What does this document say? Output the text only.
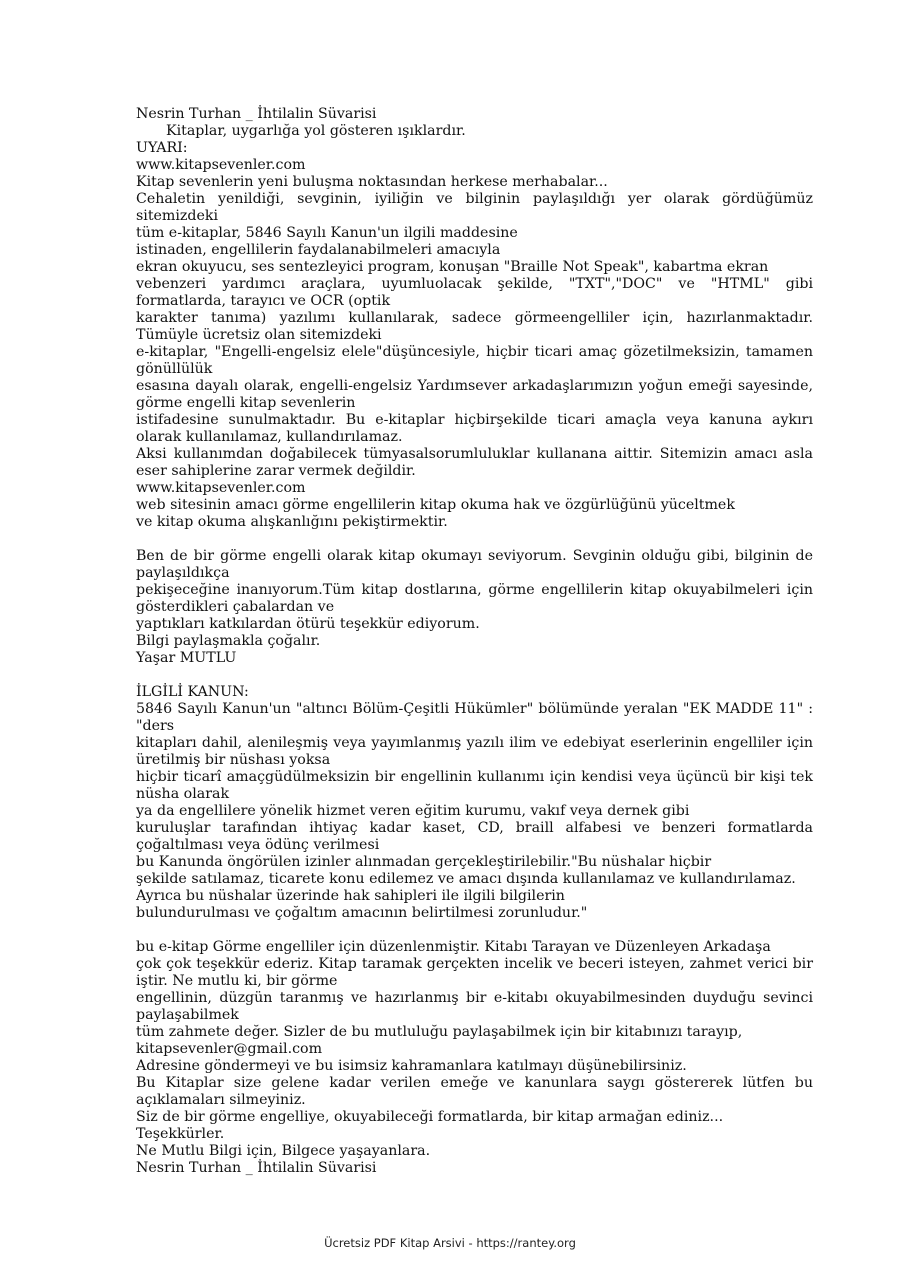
Nesrin Turhan _ İhtilalin Süvarisi

Kitaplar, uygarlığa yol gösteren ışıklardır.

UYARI:

www.kitapsevenler.com

Kitap sevenlerin yeni buluşma noktasından herkese merhabalar...

Cehaletin yenildiği, sevginin, iyiliğin ve bilginin paylaşıldığı yer olarak gördüğümüz sitemizdeki

tüm e-kitaplar, 5846 Sayılı Kanun'un ilgili maddesine

istinaden, engellilerin faydalanabilmeleri amacıyla

ekran okuyucu, ses sentezleyici program, konuşan "Braille Not Speak", kabartma ekran

vebenzeri yardımcı araçlara, uyumluolacak şekilde, "TXT","DOC" ve "HTML" gibi formatlarda, tarayıcı ve OCR (optik

karakter tanıma) yazılımı kullanılarak, sadece görmeengelliler için, hazırlanmaktadır. Tümüyle ücretsiz olan sitemizdeki

e-kitaplar, "Engelli-engelsiz elele"düşüncesiyle, hiçbir ticari amaç gözetilmeksizin, tamamen gönüllülük

esasına dayalı olarak, engelli-engelsiz Yardımsever arkadaşlarımızın yoğun emeği sayesinde, görme engelli kitap sevenlerin

istifadesine sunulmaktadır. Bu e-kitaplar hiçbirşekilde ticari amaçla veya kanuna aykırı olarak kullanılamaz, kullandırılamaz.

Aksi kullanımdan doğabilecek tümyasalsorumluluklar kullanana aittir. Sitemizin amacı asla eser sahiplerine zarar vermek değildir.

www.kitapsevenler.com

web sitesinin amacı görme engellilerin kitap okuma hak ve özgürlüğünü yüceltmek

ve kitap okuma alışkanlığını pekiştirmektir.

Ben de bir görme engelli olarak kitap okumayı seviyorum. Sevginin olduğu gibi, bilginin de paylaşıldıkça

pekişeceğine inanıyorum.Tüm kitap dostlarına, görme engellilerin kitap okuyabilmeleri için gösterdikleri çabalardan ve

yaptıkları katkılardan ötürü teşekkür ediyorum.

Bilgi paylaşmakla çoğalır.

Yaşar MUTLU

İLGİLİ KANUN:

5846 Sayılı Kanun'un "altıncı Bölüm-Çeşitli Hükümler" bölümünde yeralan "EK MADDE 11" : "ders

kitapları dahil, alenileşmiş veya yayımlanmış yazılı ilim ve edebiyat eserlerinin engelliler için üretilmiş bir nüshası yoksa

hiçbir ticarî amaçgüdülmeksizin bir engellinin kullanımı için kendisi veya üçüncü bir kişi tek nüsha olarak

ya da engellilere yönelik hizmet veren eğitim kurumu, vakıf veya dernek gibi

kuruluşlar tarafından ihtiyaç kadar kaset, CD, braill alfabesi ve benzeri formatlarda çoğaltılması veya ödünç verilmesi

bu Kanunda öngörülen izinler alınmadan gerçekleştirilebilir."Bu nüshalar hiçbir

şekilde satılamaz, ticarete konu edilemez ve amacı dışında kullanılamaz ve kullandırılamaz.

Ayrıca bu nüshalar üzerinde hak sahipleri ile ilgili bilgilerin

bulundurulması ve çoğaltım amacının belirtilmesi zorunludur."

bu e-kitap Görme engelliler için düzenlenmiştir. Kitabı Tarayan ve Düzenleyen Arkadaşa

çok çok teşekkür ederiz. Kitap taramak gerçekten incelik ve beceri isteyen, zahmet verici bir iştir. Ne mutlu ki, bir görme

engellinin, düzgün taranmış ve hazırlanmış bir e-kitabı okuyabilmesinden duyduğu sevinci paylaşabilmek

tüm zahmete değer. Sizler de bu mutluluğu paylaşabilmek için bir kitabınızı tarayıp,

kitapsevenler@gmail.com

Adresine göndermeyi ve bu isimsiz kahramanlara katılmayı düşünebilirsiniz.

Bu Kitaplar size gelene kadar verilen emeğe ve kanunlara saygı göstererek lütfen bu açıklamaları silmeyiniz.

Siz de bir görme engelliye, okuyabileceği formatlarda, bir kitap armağan ediniz...

Teşekkürler.

Ne Mutlu Bilgi için, Bilgece yaşayanlara.

Nesrin Turhan _ İhtilalin Süvarisi

Ücretsiz PDF Kitap Arsivi - https://rantey.org
